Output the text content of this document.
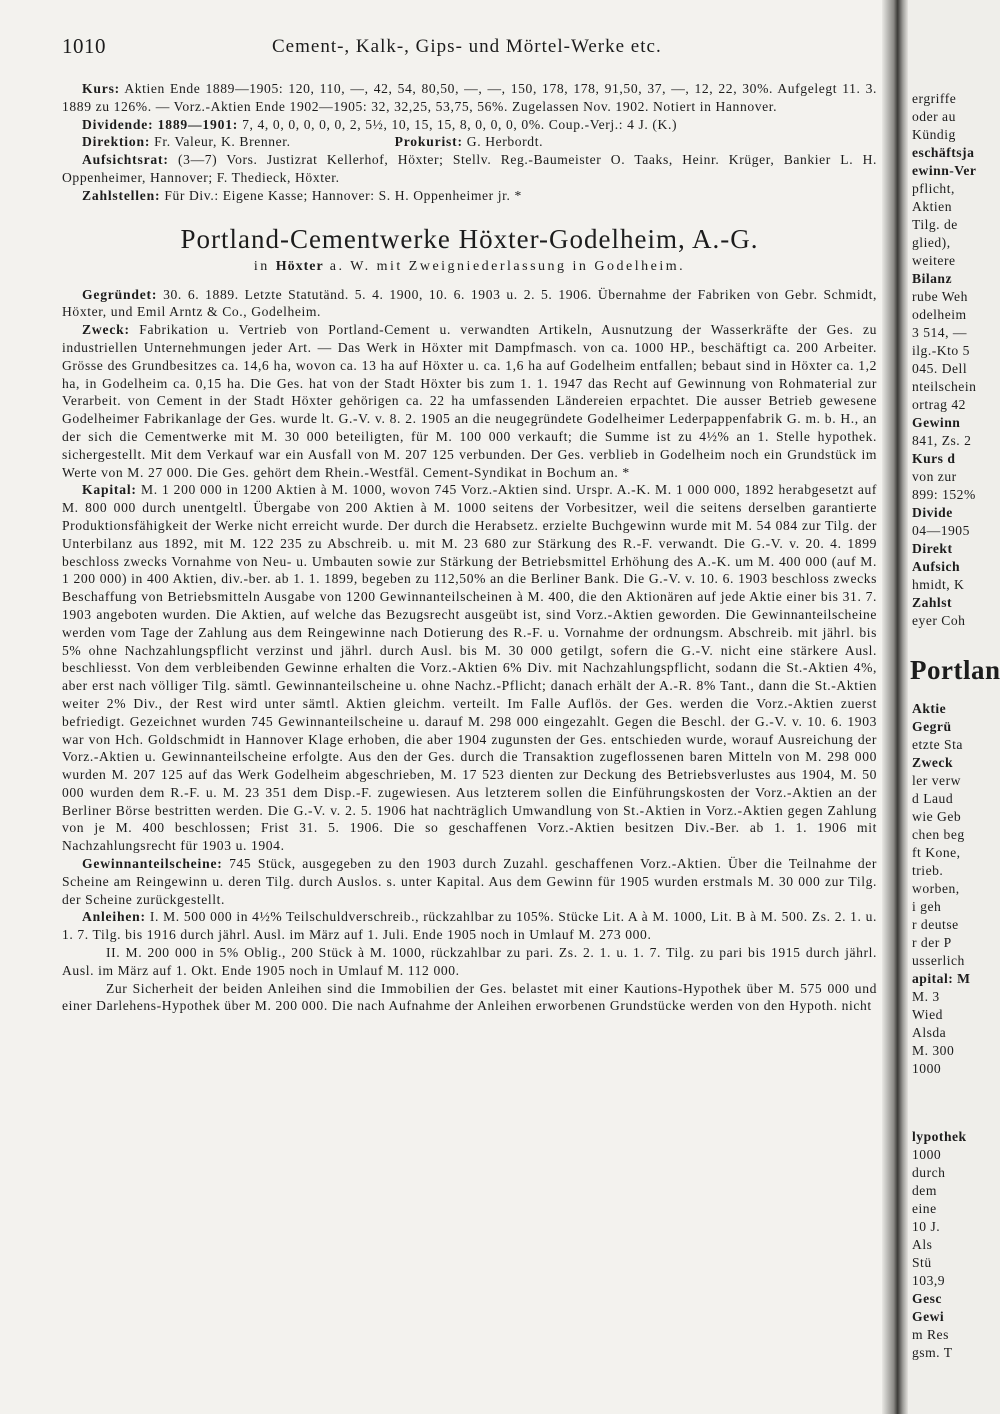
1010	Cement-, Kalk-, Gips- und Mörtel-Werke etc.

Kurs: Aktien Ende 1889—1905: 120, 110, —, 42, 54, 80,50, —, —, 150, 178, 178, 91,50, 37, —, 12, 22, 30%. Aufgelegt 11. 3. 1889 zu 126%. — Vorz.-Aktien Ende 1902—1905: 32, 32,25, 53,75, 56%. Zugelassen Nov. 1902. Notiert in Hannover.

Dividende: 1889—1901: 7, 4, 0, 0, 0, 0, 0, 2, 5½, 10, 15, 15, 8, 0, 0, 0, 0%. Coup.-Verj.: 4 J. (K.)

Direktion: Fr. Valeur, K. Brenner.	Prokurist: G. Herbordt.

Aufsichtsrat: (3—7) Vors. Justizrat Kellerhof, Höxter; Stellv. Reg.-Baumeister O. Taaks, Heinr. Krüger, Bankier L. H. Oppenheimer, Hannover; F. Thedieck, Höxter.

Zahlstellen: Für Div.: Eigene Kasse; Hannover: S. H. Oppenheimer jr. *

Portland-Cementwerke Höxter-Godelheim, A.-G.
in Höxter a. W. mit Zweigniederlassung in Godelheim.

Gegründet: 30. 6. 1889. Letzte Statutänd. 5. 4. 1900, 10. 6. 1903 u. 2. 5. 1906. Übernahme der Fabriken von Gebr. Schmidt, Höxter, und Emil Arntz & Co., Godelheim.

Zweck: Fabrikation u. Vertrieb von Portland-Cement u. verwandten Artikeln, Ausnutzung der Wasserkräfte der Ges. zu industriellen Unternehmungen jeder Art. — Das Werk in Höxter mit Dampfmasch. von ca. 1000 HP., beschäftigt ca. 200 Arbeiter. Grösse des Grundbesitzes ca. 14,6 ha, wovon ca. 13 ha auf Höxter u. ca. 1,6 ha auf Godelheim entfallen; bebaut sind in Höxter ca. 1,2 ha, in Godelheim ca. 0,15 ha. Die Ges. hat von der Stadt Höxter bis zum 1. 1. 1947 das Recht auf Gewinnung von Rohmaterial zur Verarbeit. von Cement in der Stadt Höxter gehörigen ca. 22 ha umfassenden Ländereien erpachtet. Die ausser Betrieb gewesene Godelheimer Fabrikanlage der Ges. wurde lt. G.-V. v. 8. 2. 1905 an die neugegründete Godelheimer Lederpappenfabrik G. m. b. H., an der sich die Cementwerke mit M. 30 000 beteiligten, für M. 100 000 verkauft; die Summe ist zu 4½% an 1. Stelle hypothek. sichergestellt. Mit dem Verkauf war ein Ausfall von M. 207 125 verbunden. Der Ges. verblieb in Godelheim noch ein Grundstück im Werte von M. 27 000. Die Ges. gehört dem Rhein.-Westfäl. Cement-Syndikat in Bochum an. *

Kapital: M. 1 200 000 in 1200 Aktien à M. 1000, wovon 745 Vorz.-Aktien sind. Urspr. A.-K. M. 1 000 000, 1892 herabgesetzt auf M. 800 000 durch unentgeltl. Übergabe von 200 Aktien à M. 1000 seitens der Vorbesitzer, weil die seitens derselben garantierte Produktionsfähigkeit der Werke nicht erreicht wurde. Der durch die Herabsetz. erzielte Buchgewinn wurde mit M. 54 084 zur Tilg. der Unterbilanz aus 1892, mit M. 122 235 zu Abschreib. u. mit M. 23 680 zur Stärkung des R.-F. verwandt. Die G.-V. v. 20. 4. 1899 beschloss zwecks Vornahme von Neu- u. Umbauten sowie zur Stärkung der Betriebsmittel Erhöhung des A.-K. um M. 400 000 (auf M. 1 200 000) in 400 Aktien, div.-ber. ab 1. 1. 1899, begeben zu 112,50% an die Berliner Bank. Die G.-V. v. 10. 6. 1903 beschloss zwecks Beschaffung von Betriebsmitteln Ausgabe von 1200 Gewinnanteilscheinen à M. 400, die den Aktionären auf jede Aktie einer bis 31. 7. 1903 angeboten wurden. Die Aktien, auf welche das Bezugsrecht ausgeübt ist, sind Vorz.-Aktien geworden. Die Gewinnanteilscheine werden vom Tage der Zahlung aus dem Reingewinne nach Dotierung des R.-F. u. Vornahme der ordnungsm. Abschreib. mit jährl. bis 5% ohne Nachzahlungspflicht verzinst und jährl. durch Ausl. bis M. 30 000 getilgt, sofern die G.-V. nicht eine stärkere Ausl. beschliesst. Von dem verbleibenden Gewinne erhalten die Vorz.-Aktien 6% Div. mit Nachzahlungspflicht, sodann die St.-Aktien 4%, aber erst nach völliger Tilg. sämtl. Gewinnanteilscheine u. ohne Nachz.-Pflicht; danach erhält der A.-R. 8% Tant., dann die St.-Aktien weiter 2% Div., der Rest wird unter sämtl. Aktien gleichm. verteilt. Im Falle Auflös. der Ges. werden die Vorz.-Aktien zuerst befriedigt. Gezeichnet wurden 745 Gewinnanteilscheine u. darauf M. 298 000 eingezahlt. Gegen die Beschl. der G.-V. v. 10. 6. 1903 war von Hch. Goldschmidt in Hannover Klage erhoben, die aber 1904 zugunsten der Ges. entschieden wurde, worauf Ausreichung der Vorz.-Aktien u. Gewinnanteilscheine erfolgte. Aus den der Ges. durch die Transaktion zugeflossenen baren Mitteln von M. 298 000 wurden M. 207 125 auf das Werk Godelheim abgeschrieben, M. 17 523 dienten zur Deckung des Betriebsverlustes aus 1904, M. 50 000 wurden dem R.-F. u. M. 23 351 dem Disp.-F. zugewiesen. Aus letzterem sollen die Einführungskosten der Vorz.-Aktien an der Berliner Börse bestritten werden. Die G.-V. v. 2. 5. 1906 hat nachträglich Umwandlung von St.-Aktien in Vorz.-Aktien gegen Zahlung von je M. 400 beschlossen; Frist 31. 5. 1906. Die so geschaffenen Vorz.-Aktien besitzen Div.-Ber. ab 1. 1. 1906 mit Nachzahlungsrecht für 1903 u. 1904.

Gewinnanteilscheine: 745 Stück, ausgegeben zu den 1903 durch Zuzahl. geschaffenen Vorz.-Aktien. Über die Teilnahme der Scheine am Reingewinn u. deren Tilg. durch Auslos. s. unter Kapital. Aus dem Gewinn für 1905 wurden erstmals M. 30 000 zur Tilg. der Scheine zurückgestellt.

Anleihen: I. M. 500 000 in 4½% Teilschuldverschreib., rückzahlbar zu 105%. Stücke Lit. A à M. 1000, Lit. B à M. 500. Zs. 2. 1. u. 1. 7. Tilg. bis 1916 durch jährl. Ausl. im März auf 1. Juli. Ende 1905 noch in Umlauf M. 273 000.

II. M. 200 000 in 5% Oblig., 200 Stück à M. 1000, rückzahlbar zu pari. Zs. 2. 1. u. 1. 7. Tilg. zu pari bis 1915 durch jährl. Ausl. im März auf 1. Okt. Ende 1905 noch in Umlauf M. 112 000.

Zur Sicherheit der beiden Anleihen sind die Immobilien der Ges. belastet mit einer Kautions-Hypothek über M. 575 000 und einer Darlehens-Hypothek über M. 200 000. Die nach Aufnahme der Anleihen erworbenen Grundstücke werden von den Hypoth. nicht

ergriffe
oder au
Kündig
eschäftsja
ewinn-Ver
pflicht,
Aktien
Tilg. de
glied),
weitere
Bilanz
rube Weh
odelheim
3 514, —
ilg.-Kto 5
045. Dell
nteilschein
ortrag 42
Gewinn
841, Zs. 2
Kurs d
von zur
899: 152%
Divide
04—1905
Direkt
Aufsich
hmidt, K
Zahlst
eyer Coh
Portlan
Aktie
Gegrü
etzte Sta
Zweck
ler verw
d Laud
wie Geb
chen beg
ft Kone,
trieb.
worben,
i geh
r deutse
r der P
usserlich
apital: M
M. 3
Wied
Alsda
M. 300
1000
lypothek
1000
durch
dem
eine
10 J.
Als
Stü
103,9
Gesc
Gewi
m Res
gsm. T
